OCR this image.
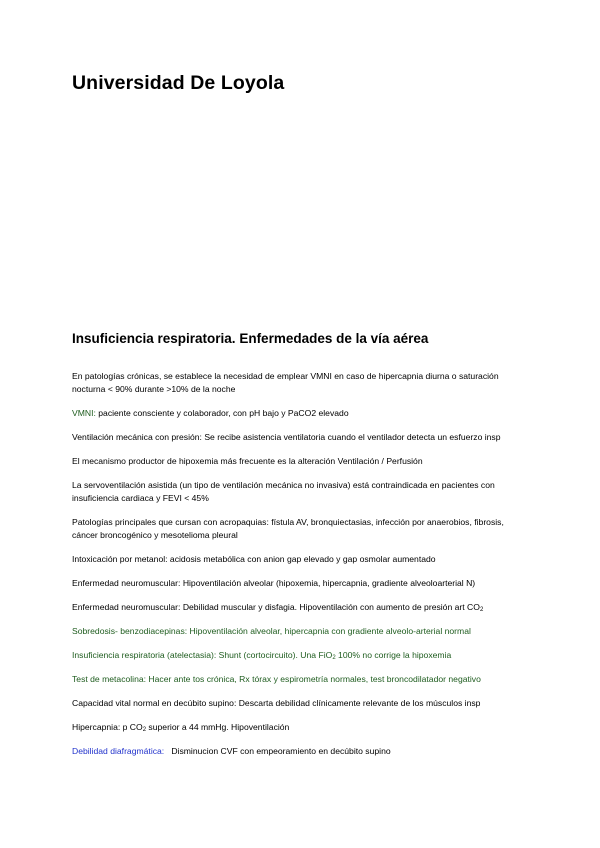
Universidad De Loyola
Insuficiencia respiratoria. Enfermedades de la vía aérea

En patologías crónicas, se establece la necesidad de emplear VMNI en caso de hipercapnia diurna o saturación nocturna < 90% durante >10% de la noche

VMNI: paciente consciente y colaborador, con pH bajo y PaCO2 elevado

Ventilación mecánica con presión: Se recibe asistencia ventilatoria cuando el ventilador detecta un esfuerzo insp

El mecanismo productor de hipoxemia más frecuente es la alteración Ventilación / Perfusión

La servoventilación asistida (un tipo de ventilación mecánica no invasiva) está contraindicada en pacientes con insuficiencia cardiaca y FEVI < 45%

Patologías principales que cursan con acropaquias: fístula AV, bronquiectasias, infección por anaerobios, fibrosis, cáncer broncogénico y mesotelioma pleural

Intoxicación por metanol: acidosis metabólica con anion gap elevado y gap osmolar aumentado

Enfermedad neuromuscular: Hipoventilación alveolar (hipoxemia, hipercapnia, gradiente alveoloarterial N)

Enfermedad neuromuscular: Debilidad muscular y disfagia. Hipoventilación con aumento de presión art $CO_2$

Sobredosis- benzodiacepinas: Hipoventilación alveolar, hipercapnia con gradiente alveolo-arterial normal

Insuficiencia respiratoria (atelectasia): Shunt (cortocircuito). Una FiO$_2$ 100% no corrige la hipoxemia

Test de metacolina: Hacer ante tos crónica, Rx tórax y espirometría normales, test broncodilatador negativo

Capacidad vital normal en decúbito supino: Descarta debilidad clínicamente relevante de los músculos insp

Hipercapnia: p $CO_2$ superior a 44 mmHg. Hipoventilación

Debilidad diafragmática:   Disminucion CVF con empeoramiento en decúbito supino
